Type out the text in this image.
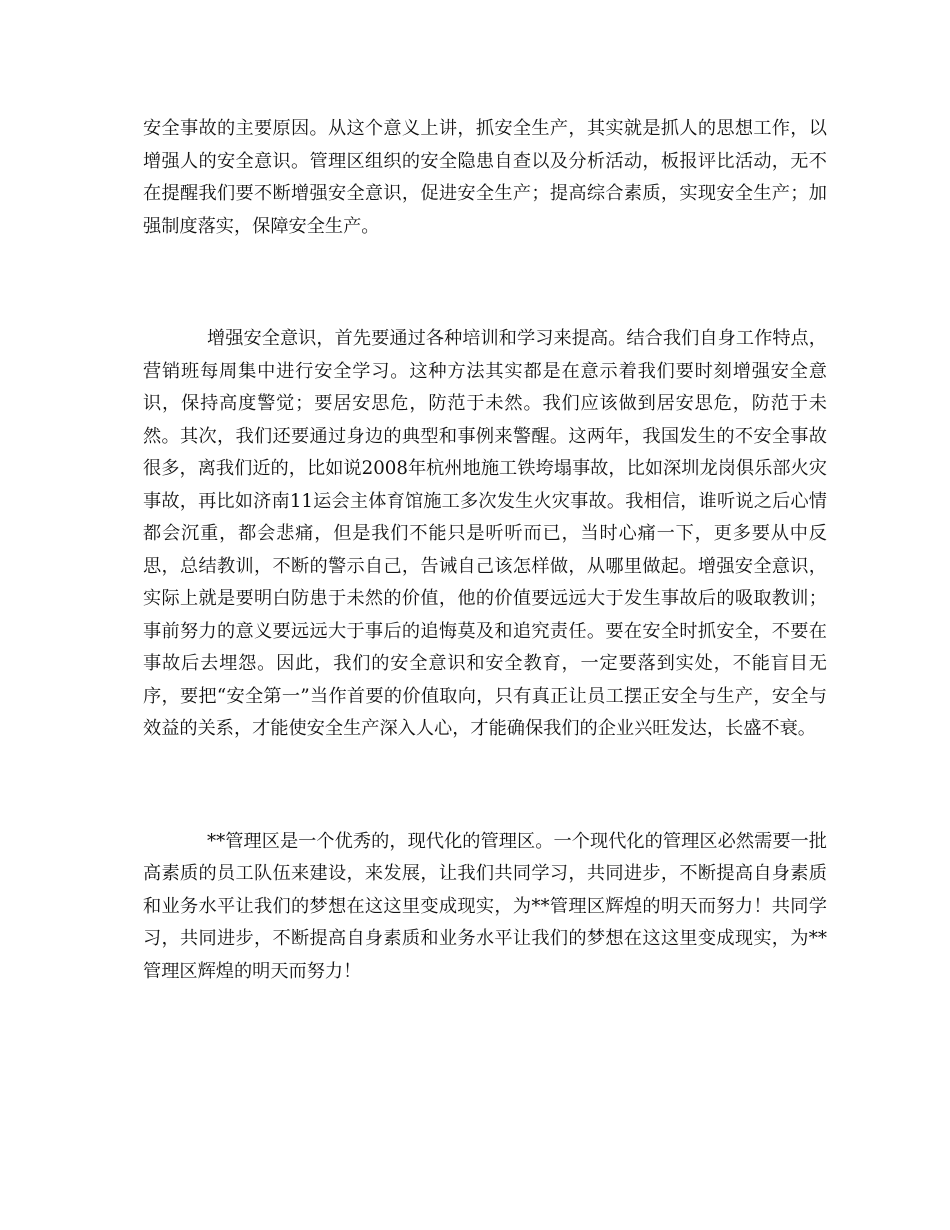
安全事故的主要原因。从这个意义上讲，抓安全生产，其实就是抓人的思想工作，以增强人的安全意识。管理区组织的安全隐患自查以及分析活动，板报评比活动，无不在提醒我们要不断增强安全意识，促进安全生产；提高综合素质，实现安全生产；加强制度落实，保障安全生产。

增强安全意识，首先要通过各种培训和学习来提高。结合我们自身工作特点，营销班每周集中进行安全学习。这种方法其实都是在意示着我们要时刻增强安全意识，保持高度警觉；要居安思危，防范于未然。我们应该做到居安思危，防范于未然。其次，我们还要通过身边的典型和事例来警醒。这两年，我国发生的不安全事故很多，离我们近的，比如说2008年杭州地施工铁垮塌事故，比如深圳龙岗俱乐部火灾事故，再比如济南11运会主体育馆施工多次发生火灾事故。我相信，谁听说之后心情都会沉重，都会悲痛，但是我们不能只是听听而已，当时心痛一下，更多要从中反思，总结教训，不断的警示自己，告诫自己该怎样做，从哪里做起。增强安全意识，实际上就是要明白防患于未然的价值，他的价值要远远大于发生事故后的吸取教训；事前努力的意义要远远大于事后的追悔莫及和追究责任。要在安全时抓安全，不要在事故后去埋怨。因此，我们的安全意识和安全教育，一定要落到实处，不能盲目无序，要把“安全第一”当作首要的价值取向，只有真正让员工摆正安全与生产，安全与效益的关系，才能使安全生产深入人心，才能确保我们的企业兴旺发达，长盛不衰。

**管理区是一个优秀的，现代化的管理区。一个现代化的管理区必然需要一批高素质的员工队伍来建设，来发展，让我们共同学习，共同进步，不断提高自身素质和业务水平让我们的梦想在这这里变成现实，为**管理区辉煌的明天而努力！共同学习，共同进步，不断提高自身素质和业务水平让我们的梦想在这这里变成现实，为**管理区辉煌的明天而努力！
